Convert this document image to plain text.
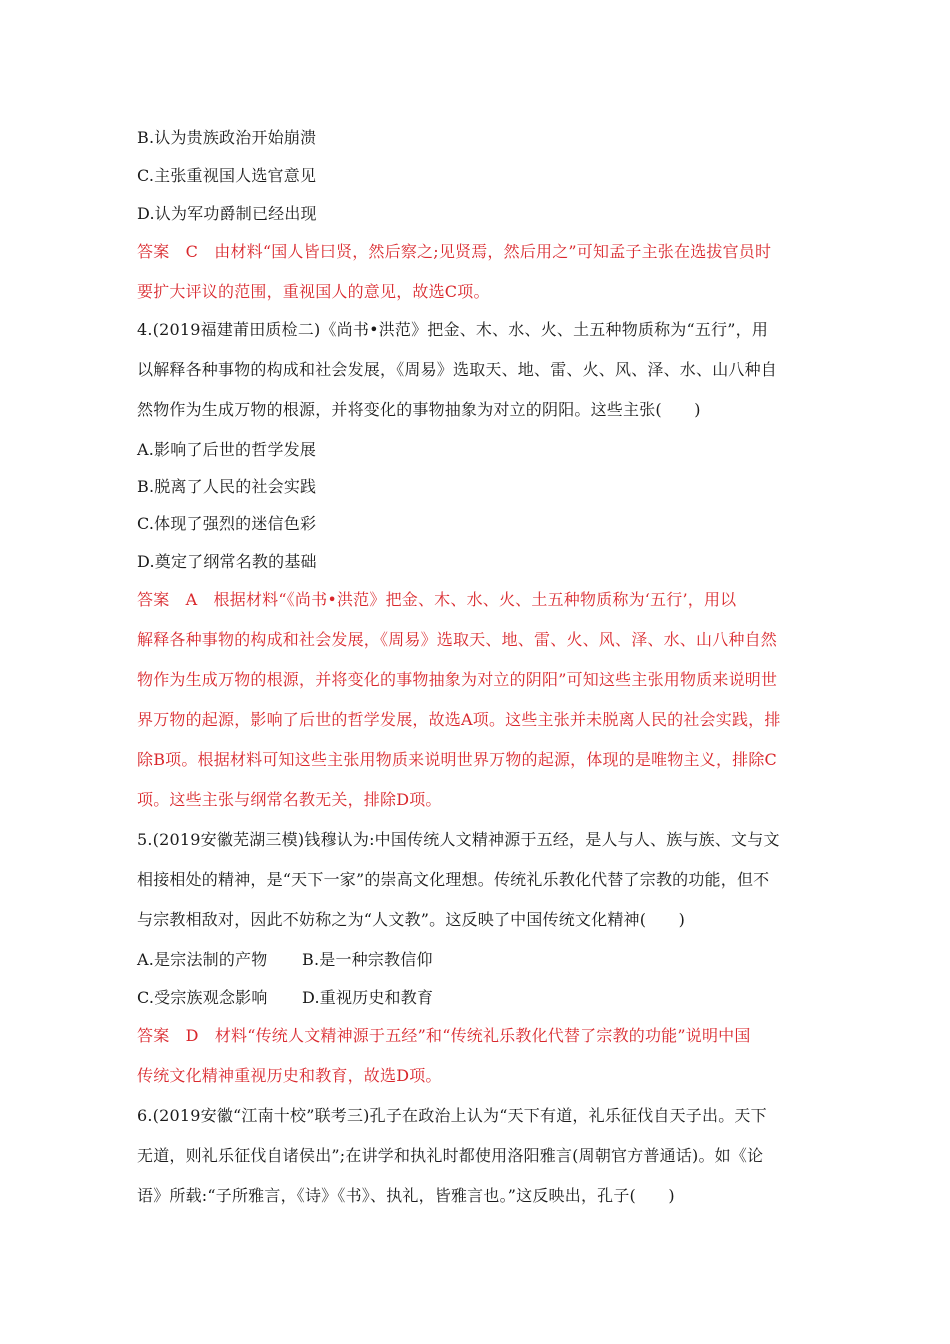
B.认为贵族政治开始崩溃
C.主张重视国人选官意见
D.认为军功爵制已经出现
答案　C　由材料“国人皆曰贤，然后察之;见贤焉，然后用之”可知孟子主张在选拔官员时
要扩大评议的范围，重视国人的意见，故选C项。
4.(2019福建莆田质检二)《尚书•洪范》把金、木、水、火、土五种物质称为“五行”，用
以解释各种事物的构成和社会发展，《周易》选取天、地、雷、火、风、泽、水、山八种自
然物作为生成万物的根源，并将变化的事物抽象为对立的阴阳。这些主张(　　)
A.影响了后世的哲学发展
B.脱离了人民的社会实践
C.体现了强烈的迷信色彩
D.奠定了纲常名教的基础
答案　A　根据材料“《尚书•洪范》把金、木、水、火、土五种物质称为‘五行’，用以
解释各种事物的构成和社会发展，《周易》选取天、地、雷、火、风、泽、水、山八种自然
物作为生成万物的根源，并将变化的事物抽象为对立的阴阳”可知这些主张用物质来说明世
界万物的起源，影响了后世的哲学发展，故选A项。这些主张并未脱离人民的社会实践，排
除B项。根据材料可知这些主张用物质来说明世界万物的起源，体现的是唯物主义，排除C
项。这些主张与纲常名教无关，排除D项。
5.(2019安徽芜湖三模)钱穆认为:中国传统人文精神源于五经，是人与人、族与族、文与文
相接相处的精神，是“天下一家”的崇高文化理想。传统礼乐教化代替了宗教的功能，但不
与宗教相敌对，因此不妨称之为“人文教”。这反映了中国传统文化精神(　　)
A.是宗法制的产物 B.是一种宗教信仰
C.受宗族观念影响 D.重视历史和教育
答案　D　材料“传统人文精神源于五经”和“传统礼乐教化代替了宗教的功能”说明中国
传统文化精神重视历史和教育，故选D项。
6.(2019安徽“江南十校”联考三)孔子在政治上认为“天下有道，礼乐征伐自天子出。天下
无道，则礼乐征伐自诸侯出”;在讲学和执礼时都使用洛阳雅言(周朝官方普通话)。如《论
语》所载:“子所雅言，《诗》《书》、执礼，皆雅言也。”这反映出，孔子(　　)
